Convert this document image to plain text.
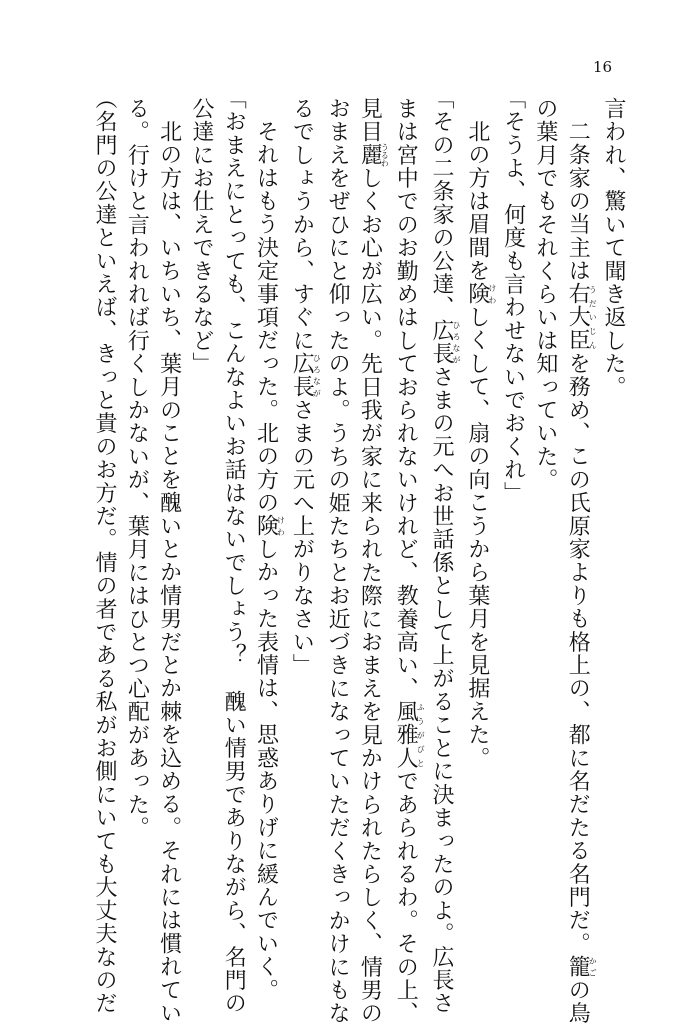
16
言われ、驚いて聞き返した。
二条家の当主は右大臣うだいじんを務め、この氏原家よりも格上の、都に名だたる名門だ。籠かごの鳥
の葉月でもそれくらいは知っていた。
「そうよ、何度も言わせないでおくれ」
北の方は眉間を険けわしくして、扇の向こうから葉月を見据えた。
「その二条家の公達、広長ひろながさまの元へお世話係として上がることに決まったのよ。広長さ
まは宮中でのお勤めはしておられないけれど、教養高い、風雅人ふうがびとであられるわ。その上、
見目麗うるわしくお心が広い。先日我が家に来られた際におまえを見かけられたらしく、情男の
おまえをぜひにと仰ったのよ。うちの姫たちとお近づきになっていただくきっかけにもな
るでしょうから、すぐに広長ひろながさまの元へ上がりなさい」
それはもう決定事項だった。北の方の険けわしかった表情は、思惑ありげに緩んでいく。
「おまえにとっても、こんなよいお話はないでしょう？　醜い情男でありながら、名門の
公達にお仕えできるなど」
北の方は、いちいち、葉月のことを醜いとか情男だとか棘を込める。それには慣れてい
る。行けと言われれば行くしかないが、葉月にはひとつ心配があった。
（名門の公達といえば、きっと貴のお方だ。情の者である私がお側にいても大丈夫なのだ
